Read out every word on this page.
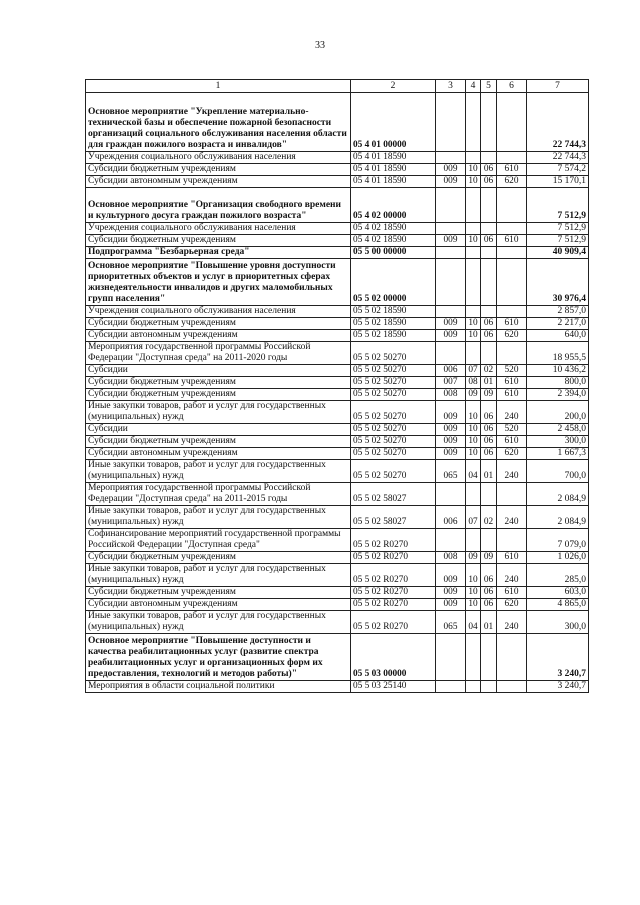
33
1	2	3	4	5	6	7
Основное мероприятие "Укрепление материально-технической базы и обеспечение пожарной безопасности организаций социального обслуживания населения области для граждан пожилого возраста и инвалидов"	05 4 01 00000					22 744,3
Учреждения социального обслуживания населения	05 4 01 18590					22 744,3
Субсидии бюджетным учреждениям	05 4 01 18590	009	10	06	610	7 574,2
Субсидии автономным учреждениям	05 4 01 18590	009	10	06	620	15 170,1
Основное мероприятие "Организация свободного времени и культурного досуга граждан пожилого возраста"	05 4 02 00000					7 512,9
Учреждения социального обслуживания населения	05 4 02 18590					7 512,9
Субсидии бюджетным учреждениям	05 4 02 18590	009	10	06	610	7 512,9
Подпрограмма "Безбарьерная среда"	05 5 00 00000					40 909,4
Основное мероприятие "Повышение уровня доступности приоритетных объектов и услуг в приоритетных сферах жизнедеятельности инвалидов и других маломобильных групп населения"	05 5 02 00000					30 976,4
Учреждения социального обслуживания населения	05 5 02 18590					2 857,0
Субсидии бюджетным учреждениям	05 5 02 18590	009	10	06	610	2 217,0
Субсидии автономным учреждениям	05 5 02 18590	009	10	06	620	640,0
Мероприятия государственной программы Российской Федерации "Доступная среда" на 2011-2020 годы	05 5 02 50270					18 955,5
Субсидии	05 5 02 50270	006	07	02	520	10 436,2
Субсидии бюджетным учреждениям	05 5 02 50270	007	08	01	610	800,0
Субсидии бюджетным учреждениям	05 5 02 50270	008	09	09	610	2 394,0
Иные закупки товаров, работ и услуг для государственных (муниципальных) нужд	05 5 02 50270	009	10	06	240	200,0
Субсидии	05 5 02 50270	009	10	06	520	2 458,0
Субсидии бюджетным учреждениям	05 5 02 50270	009	10	06	610	300,0
Субсидии автономным учреждениям	05 5 02 50270	009	10	06	620	1 667,3
Иные закупки товаров, работ и услуг для государственных (муниципальных) нужд	05 5 02 50270	065	04	01	240	700,0
Мероприятия государственной программы Российской Федерации "Доступная среда" на 2011-2015 годы	05 5 02 58027					2 084,9
Иные закупки товаров, работ и услуг для государственных (муниципальных) нужд	05 5 02 58027	006	07	02	240	2 084,9
Софинансирование мероприятий государственной программы Российской Федерации "Доступная среда"	05 5 02 R0270					7 079,0
Субсидии бюджетным учреждениям	05 5 02 R0270	008	09	09	610	1 026,0
Иные закупки товаров, работ и услуг для государственных (муниципальных) нужд	05 5 02 R0270	009	10	06	240	285,0
Субсидии бюджетным учреждениям	05 5 02 R0270	009	10	06	610	603,0
Субсидии автономным учреждениям	05 5 02 R0270	009	10	06	620	4 865,0
Иные закупки товаров, работ и услуг для государственных (муниципальных) нужд	05 5 02 R0270	065	04	01	240	300,0
Основное мероприятие "Повышение доступности и качества реабилитационных услуг (развитие спектра реабилитационных услуг и организационных форм их предоставления, технологий и методов работы)"	05 5 03 00000					3 240,7
Мероприятия в области социальной политики	05 5 03 25140					3 240,7
